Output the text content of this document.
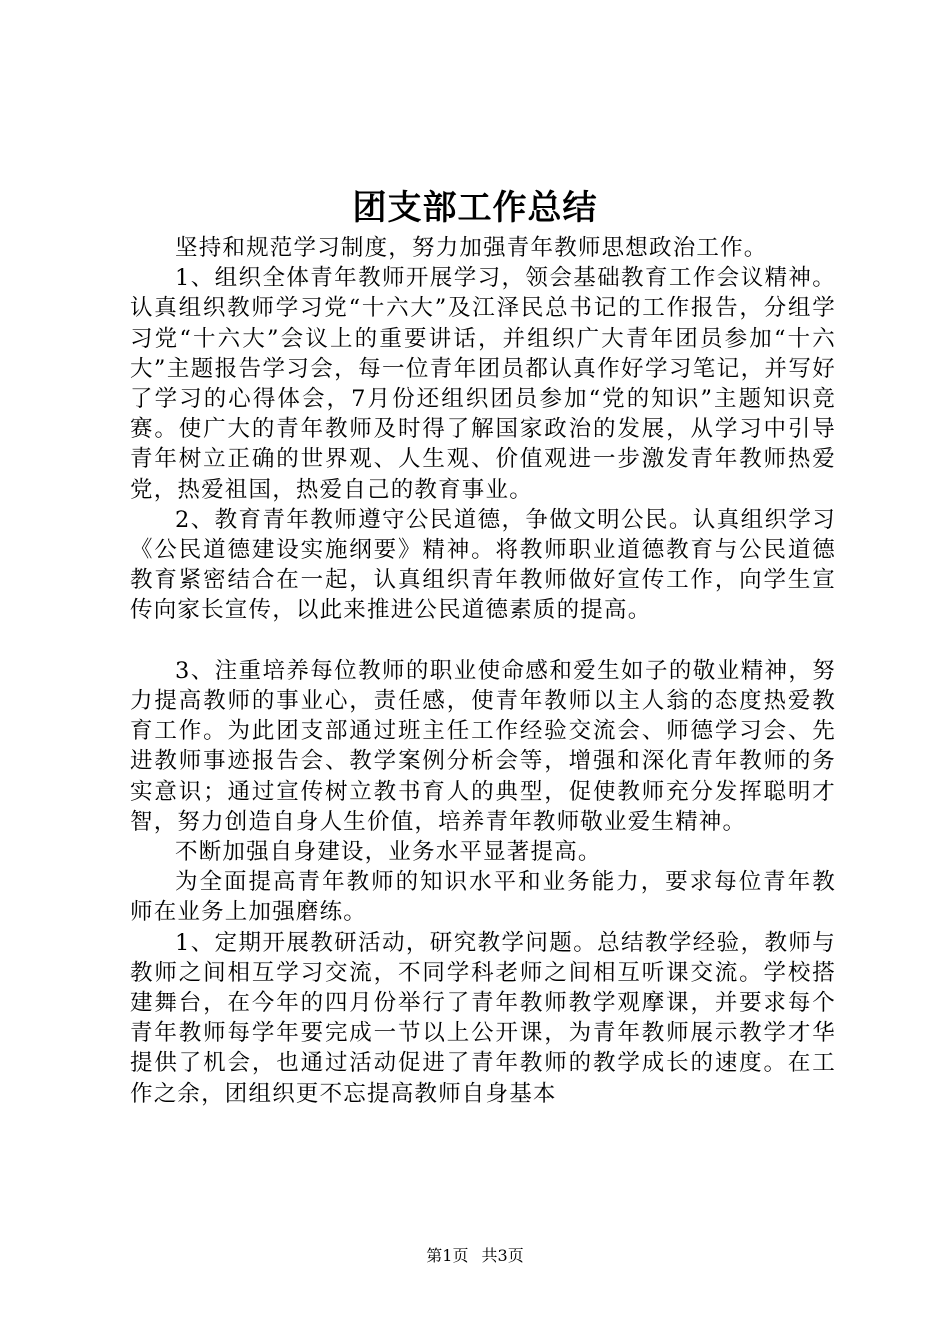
团支部工作总结

坚持和规范学习制度，努力加强青年教师思想政治工作。

1、组织全体青年教师开展学习，领会基础教育工作会议精神。认真组织教师学习党“十六大”及江泽民总书记的工作报告，分组学习党“十六大”会议上的重要讲话，并组织广大青年团员参加“十六大”主题报告学习会，每一位青年团员都认真作好学习笔记，并写好了学习的心得体会，7月份还组织团员参加“党的知识”主题知识竞赛。使广大的青年教师及时得了解国家政治的发展，从学习中引导青年树立正确的世界观、人生观、价值观进一步激发青年教师热爱党，热爱祖国，热爱自己的教育事业。

2、教育青年教师遵守公民道德，争做文明公民。认真组织学习《公民道德建设实施纲要》精神。将教师职业道德教育与公民道德教育紧密结合在一起，认真组织青年教师做好宣传工作，向学生宣传向家长宣传，以此来推进公民道德素质的提高。

3、注重培养每位教师的职业使命感和爱生如子的敬业精神，努力提高教师的事业心，责任感，使青年教师以主人翁的态度热爱教育工作。为此团支部通过班主任工作经验交流会、师德学习会、先进教师事迹报告会、教学案例分析会等，增强和深化青年教师的务实意识；通过宣传树立教书育人的典型，促使教师充分发挥聪明才智，努力创造自身人生价值，培养青年教师敬业爱生精神。

不断加强自身建设，业务水平显著提高。

为全面提高青年教师的知识水平和业务能力，要求每位青年教师在业务上加强磨练。

1、定期开展教研活动，研究教学问题。总结教学经验，教师与教师之间相互学习交流，不同学科老师之间相互听课交流。学校搭建舞台，在今年的四月份举行了青年教师教学观摩课，并要求每个青年教师每学年要完成一节以上公开课，为青年教师展示教学才华提供了机会，也通过活动促进了青年教师的教学成长的速度。在工作之余，团组织更不忘提高教师自身基本

第1页 共3页
